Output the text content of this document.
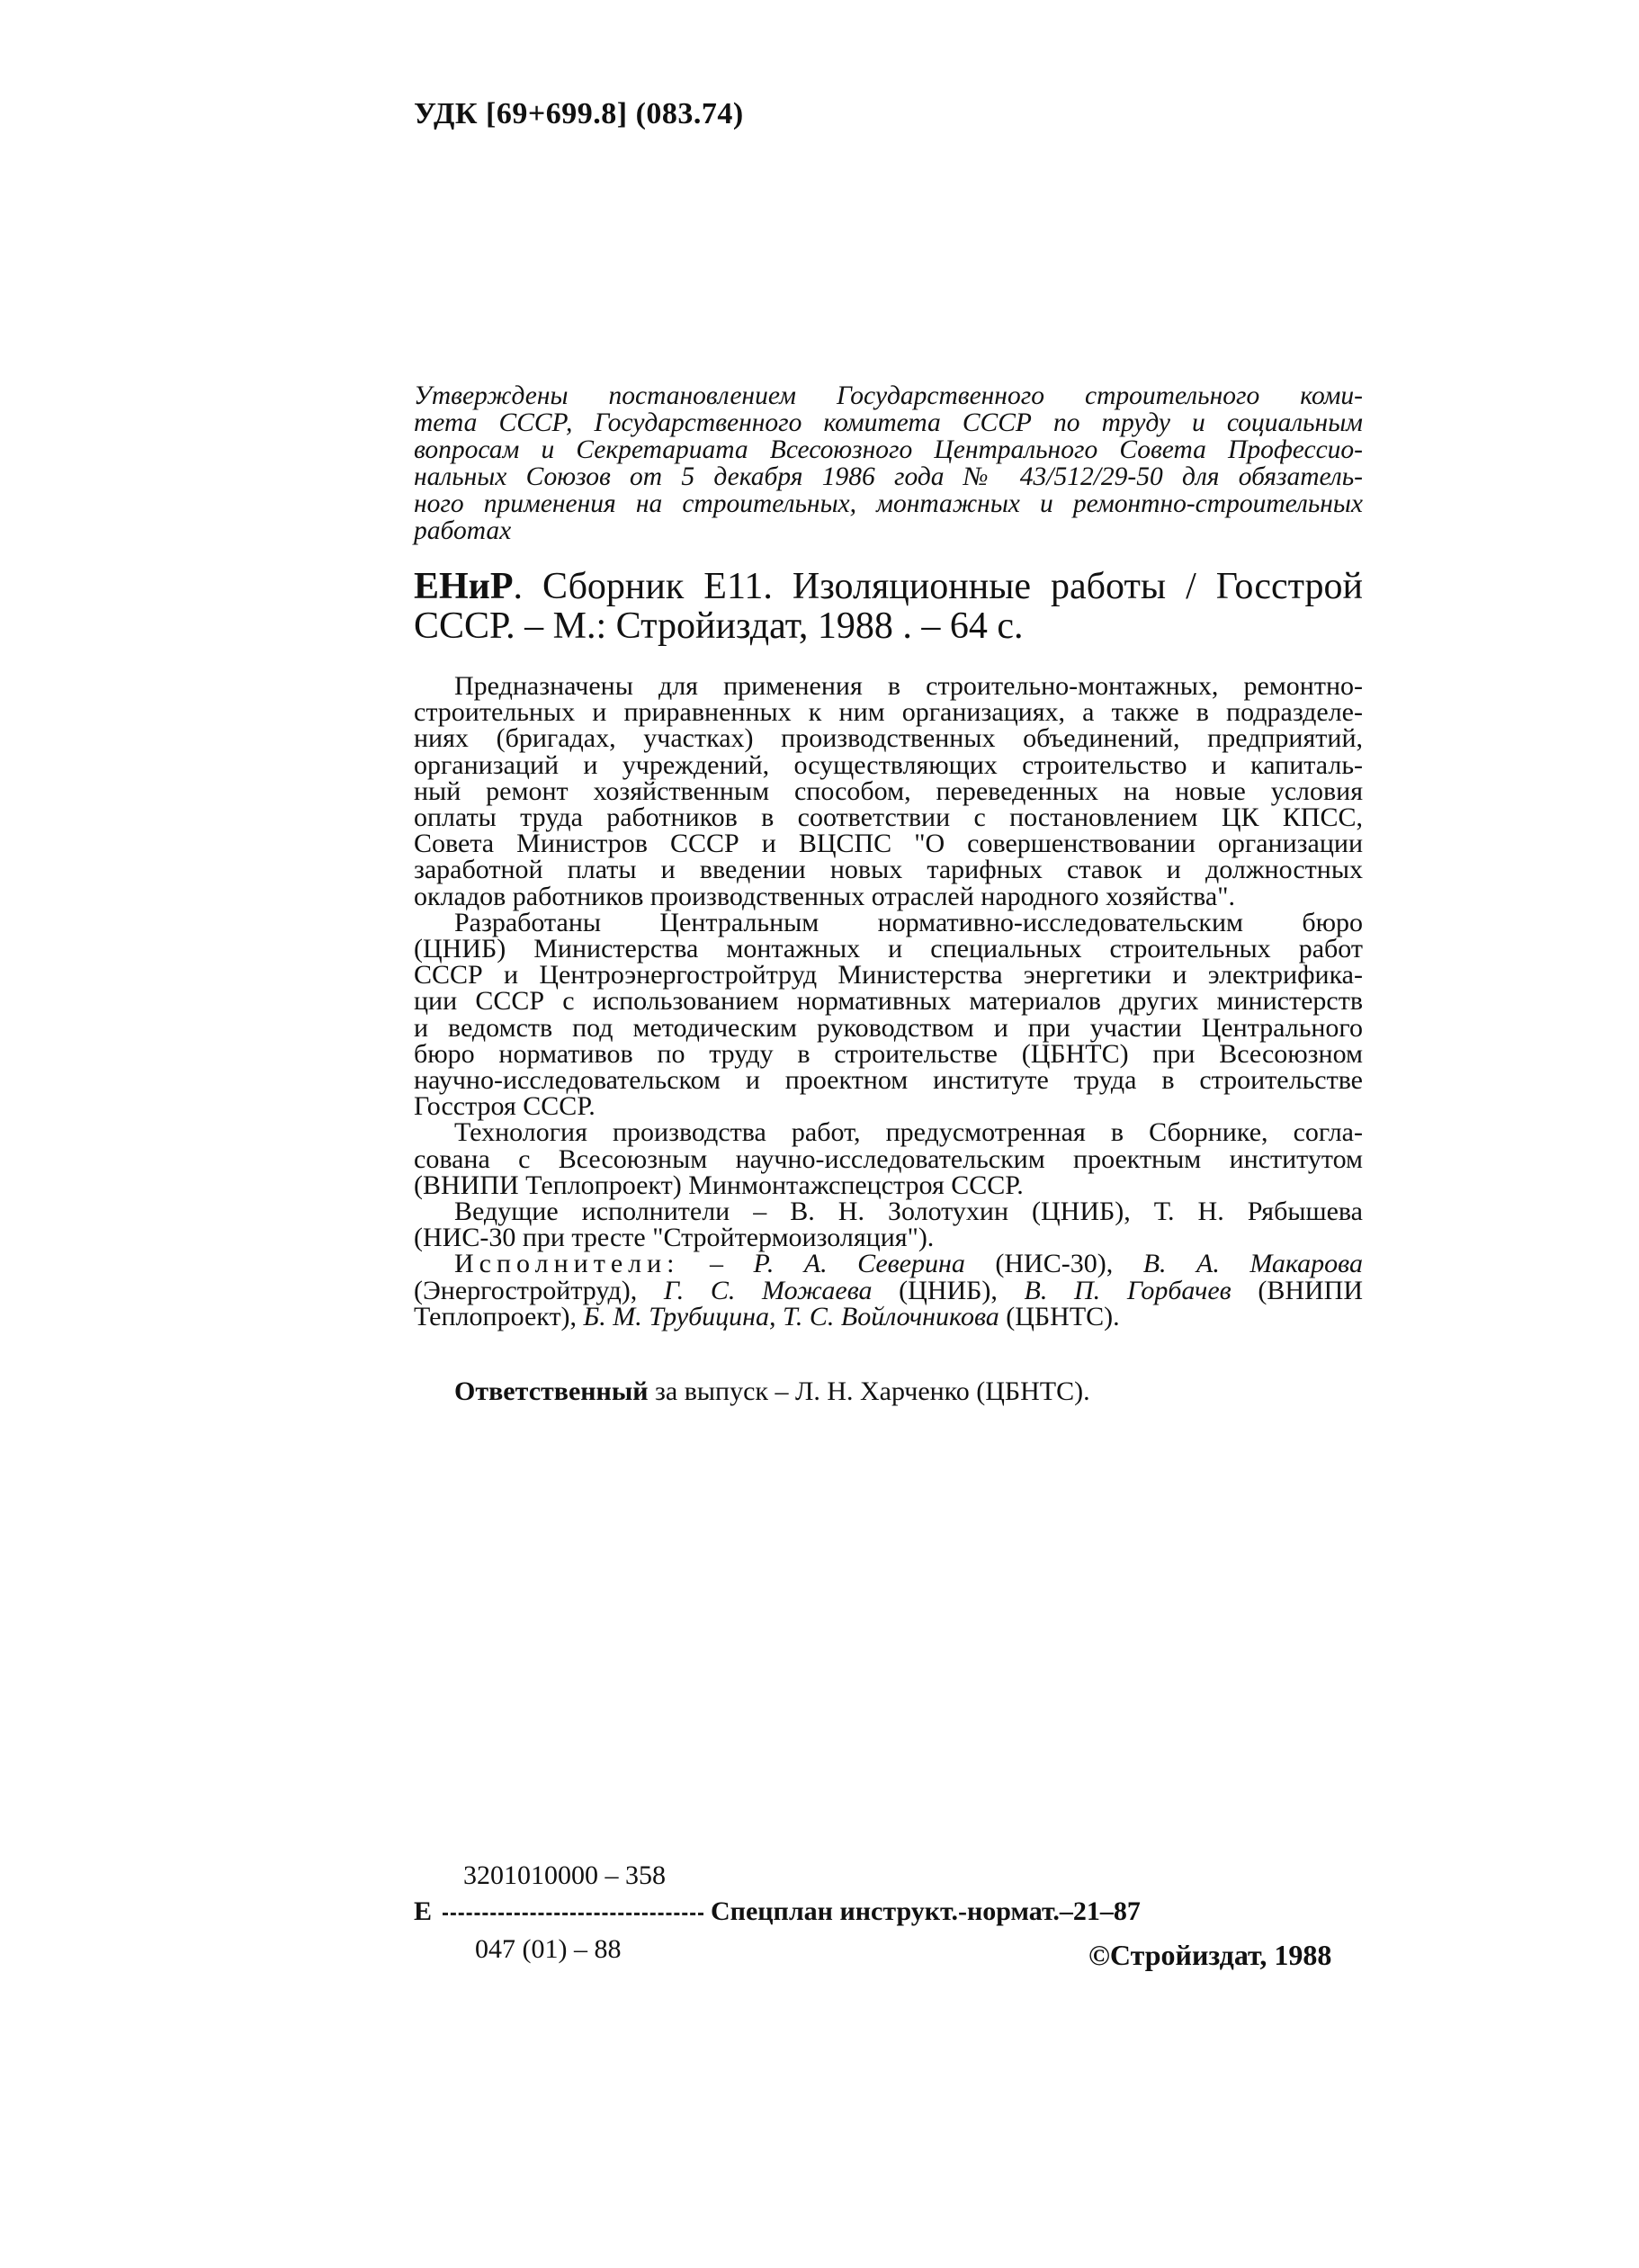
УДК [69+699.8] (083.74)
Утверждены постановлением Государственного строительного коми-
тета СССР, Государственного комитета СССР по труду и социальным
вопросам и Секретариата Всесоюзного Центрального Совета Профессио-
нальных Союзов от 5 декабря 1986 года № 43/512/29-50 для обязатель-
ного применения на строительных, монтажных и ремонтно-строительных
работах
ЕНиР. Сборник Е11. Изоляционные работы / Госстрой
СССР. – М.: Стройиздат, 1988 . – 64 с.
Предназначены для применения в строительно-монтажных, ремонтно-
строительных и приравненных к ним организациях, а также в подразделе-
ниях (бригадах, участках) производственных объединений, предприятий,
организаций и учреждений, осуществляющих строительство и капиталь-
ный ремонт хозяйственным способом, переведенных на новые условия
оплаты труда работников в соответствии с постановлением ЦК КПСС,
Совета Министров СССР и ВЦСПС "О совершенствовании организации
заработной платы и введении новых тарифных ставок и должностных
окладов работников производственных отраслей народного хозяйства".
Разработаны Центральным нормативно-исследовательским бюро
(ЦНИБ) Министерства монтажных и специальных строительных работ
СССР и Центроэнергостройтруд Министерства энергетики и электрифика-
ции СССР с использованием нормативных материалов других министерств
и ведомств под методическим руководством и при участии Центрального
бюро нормативов по труду в строительстве (ЦБНТС) при Всесоюзном
научно-исследовательском и проектном институте труда в строительстве
Госстроя СССР.
Технология производства работ, предусмотренная в Сборнике, согла-
сована с Всесоюзным научно-исследовательским проектным институтом
(ВНИПИ Теплопроект) Минмонтажспецстроя СССР.
Ведущие исполнители – В. Н. Золотухин (ЦНИБ), Т. Н. Рябышева
(НИС-30 при тресте "Стройтермоизоляция").
Исполнители: – Р. А. Северина (НИС-30), В. А. Макарова
(Энергостройтруд), Г. С. Можаева (ЦНИБ), В. П. Горбачев (ВНИПИ
Теплопроект), Б. М. Трубицина, Т. С. Войлочникова (ЦБНТС).
Ответственный за выпуск – Л. Н. Харченко (ЦБНТС).
3201010000 – 358
Е	Спецплан инструкт.-нормат.–21–87
047 (01) – 88	©Стройиздат, 1988
